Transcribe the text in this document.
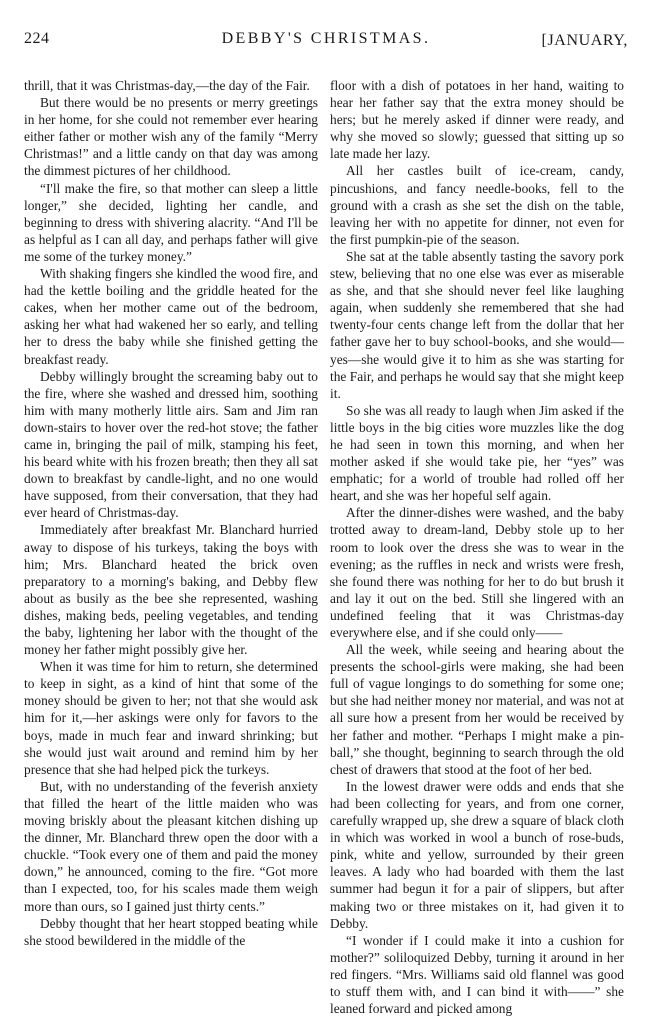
224	DEBBY'S CHRISTMAS.	[JANUARY,

thrill, that it was Christmas-day,—the day of the Fair.

But there would be no presents or merry greetings in her home, for she could not remember ever hearing either father or mother wish any of the family “Merry Christmas!” and a little candy on that day was among the dimmest pictures of her childhood.

“I'll make the fire, so that mother can sleep a little longer,” she decided, lighting her candle, and beginning to dress with shivering alacrity. “And I'll be as helpful as I can all day, and perhaps father will give me some of the turkey money.”

With shaking fingers she kindled the wood fire, and had the kettle boiling and the griddle heated for the cakes, when her mother came out of the bedroom, asking her what had wakened her so early, and telling her to dress the baby while she finished getting the breakfast ready.

Debby willingly brought the screaming baby out to the fire, where she washed and dressed him, soothing him with many motherly little airs. Sam and Jim ran down-stairs to hover over the red-hot stove; the father came in, bringing the pail of milk, stamping his feet, his beard white with his frozen breath; then they all sat down to breakfast by candle-light, and no one would have supposed, from their conversation, that they had ever heard of Christmas-day.

Immediately after breakfast Mr. Blanchard hurried away to dispose of his turkeys, taking the boys with him; Mrs. Blanchard heated the brick oven preparatory to a morning's baking, and Debby flew about as busily as the bee she represented, washing dishes, making beds, peeling vegetables, and tending the baby, lightening her labor with the thought of the money her father might possibly give her.

When it was time for him to return, she determined to keep in sight, as a kind of hint that some of the money should be given to her; not that she would ask him for it,—her askings were only for favors to the boys, made in much fear and inward shrinking; but she would just wait around and remind him by her presence that she had helped pick the turkeys.

But, with no understanding of the feverish anxiety that filled the heart of the little maiden who was moving briskly about the pleasant kitchen dishing up the dinner, Mr. Blanchard threw open the door with a chuckle. “Took every one of them and paid the money down,” he announced, coming to the fire. “Got more than I expected, too, for his scales made them weigh more than ours, so I gained just thirty cents.”

Debby thought that her heart stopped beating while she stood bewildered in the middle of the

floor with a dish of potatoes in her hand, waiting to hear her father say that the extra money should be hers; but he merely asked if dinner were ready, and why she moved so slowly; guessed that sitting up so late made her lazy.

All her castles built of ice-cream, candy, pincushions, and fancy needle-books, fell to the ground with a crash as she set the dish on the table, leaving her with no appetite for dinner, not even for the first pumpkin-pie of the season.

She sat at the table absently tasting the savory pork stew, believing that no one else was ever as miserable as she, and that she should never feel like laughing again, when suddenly she remembered that she had twenty-four cents change left from the dollar that her father gave her to buy school-books, and she would—yes—she would give it to him as she was starting for the Fair, and perhaps he would say that she might keep it.

So she was all ready to laugh when Jim asked if the little boys in the big cities wore muzzles like the dog he had seen in town this morning, and when her mother asked if she would take pie, her “yes” was emphatic; for a world of trouble had rolled off her heart, and she was her hopeful self again.

After the dinner-dishes were washed, and the baby trotted away to dream-land, Debby stole up to her room to look over the dress she was to wear in the evening; as the ruffles in neck and wrists were fresh, she found there was nothing for her to do but brush it and lay it out on the bed. Still she lingered with an undefined feeling that it was Christmas-day everywhere else, and if she could only——

All the week, while seeing and hearing about the presents the school-girls were making, she had been full of vague longings to do something for some one; but she had neither money nor material, and was not at all sure how a present from her would be received by her father and mother. “Perhaps I might make a pin-ball,” she thought, beginning to search through the old chest of drawers that stood at the foot of her bed.

In the lowest drawer were odds and ends that she had been collecting for years, and from one corner, carefully wrapped up, she drew a square of black cloth in which was worked in wool a bunch of rose-buds, pink, white and yellow, surrounded by their green leaves. A lady who had boarded with them the last summer had begun it for a pair of slippers, but after making two or three mistakes on it, had given it to Debby.

“I wonder if I could make it into a cushion for mother?” soliloquized Debby, turning it around in her red fingers. “Mrs. Williams said old flannel was good to stuff them with, and I can bind it with——” she leaned forward and picked among
